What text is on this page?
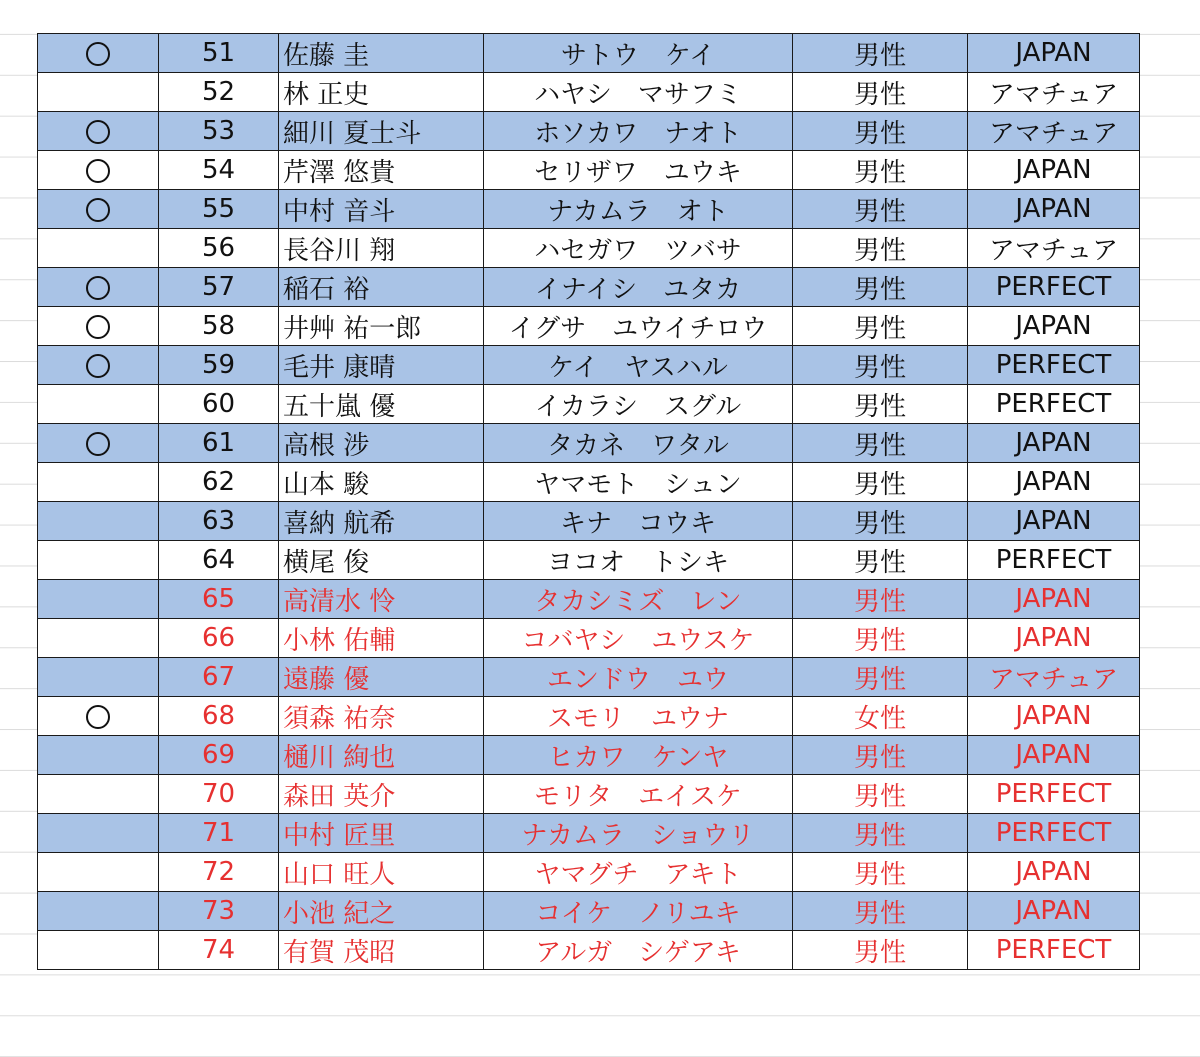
	51	佐藤 圭	サトウ　ケイ	男性	JAPAN
	52	林 正史	ハヤシ　マサフミ	男性	アマチュア
	53	細川 夏士斗	ホソカワ　ナオト	男性	アマチュア
	54	芹澤 悠貴	セリザワ　ユウキ	男性	JAPAN
	55	中村 音斗	ナカムラ　オト	男性	JAPAN
	56	長谷川 翔	ハセガワ　ツバサ	男性	アマチュア
	57	稲石 裕	イナイシ　ユタカ	男性	PERFECT
	58	井艸 祐一郎	イグサ　ユウイチロウ	男性	JAPAN
	59	毛井 康晴	ケイ　ヤスハル	男性	PERFECT
	60	五十嵐 優	イカラシ　スグル	男性	PERFECT
	61	高根 涉	タカネ　ワタル	男性	JAPAN
	62	山本 駿	ヤマモト　シュン	男性	JAPAN
	63	喜納 航希	キナ　コウキ	男性	JAPAN
	64	横尾 俊	ヨコオ　トシキ	男性	PERFECT
	65	高清水 怜	タカシミズ　レン	男性	JAPAN
	66	小林 佑輔	コバヤシ　ユウスケ	男性	JAPAN
	67	遠藤 優	エンドウ　ユウ	男性	アマチュア
	68	須森 祐奈	スモリ　ユウナ	女性	JAPAN
	69	樋川 絢也	ヒカワ　ケンヤ	男性	JAPAN
	70	森田 英介	モリタ　エイスケ	男性	PERFECT
	71	中村 匠里	ナカムラ　ショウリ	男性	PERFECT
	72	山口 旺人	ヤマグチ　アキト	男性	JAPAN
	73	小池 紀之	コイケ　ノリユキ	男性	JAPAN
	74	有賀 茂昭	アルガ　シゲアキ	男性	PERFECT
